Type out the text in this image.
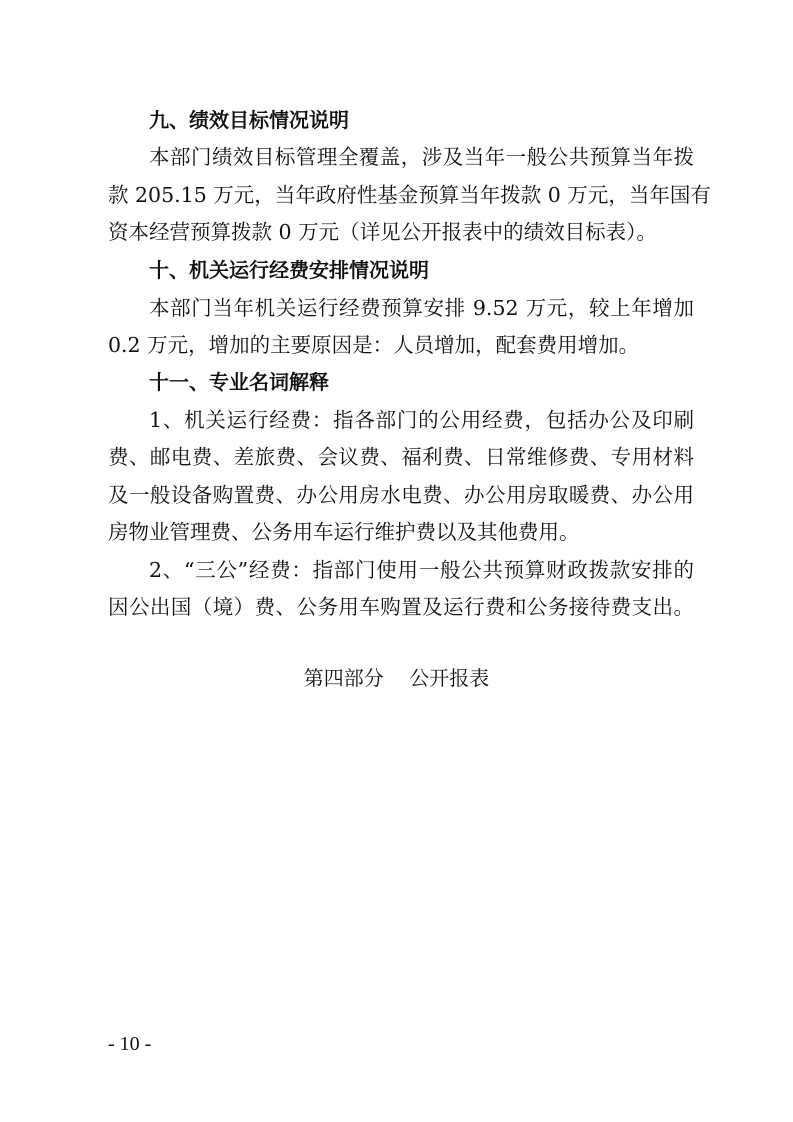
九、绩效目标情况说明
本部门绩效目标管理全覆盖，涉及当年一般公共预算当年拨
款 205.15 万元，当年政府性基金预算当年拨款 0 万元，当年国有
资本经营预算拨款 0 万元（详见公开报表中的绩效目标表）。
十、机关运行经费安排情况说明
本部门当年机关运行经费预算安排 9.52 万元，较上年增加
0.2 万元，增加的主要原因是：人员增加，配套费用增加。
十一、专业名词解释
1、机关运行经费：指各部门的公用经费，包括办公及印刷
费、邮电费、差旅费、会议费、福利费、日常维修费、专用材料
及一般设备购置费、办公用房水电费、办公用房取暖费、办公用
房物业管理费、公务用车运行维护费以及其他费用。
2、“三公”经费：指部门使用一般公共预算财政拨款安排的
因公出国（境）费、公务用车购置及运行费和公务接待费支出。
第四部分    公开报表
- 10 -
